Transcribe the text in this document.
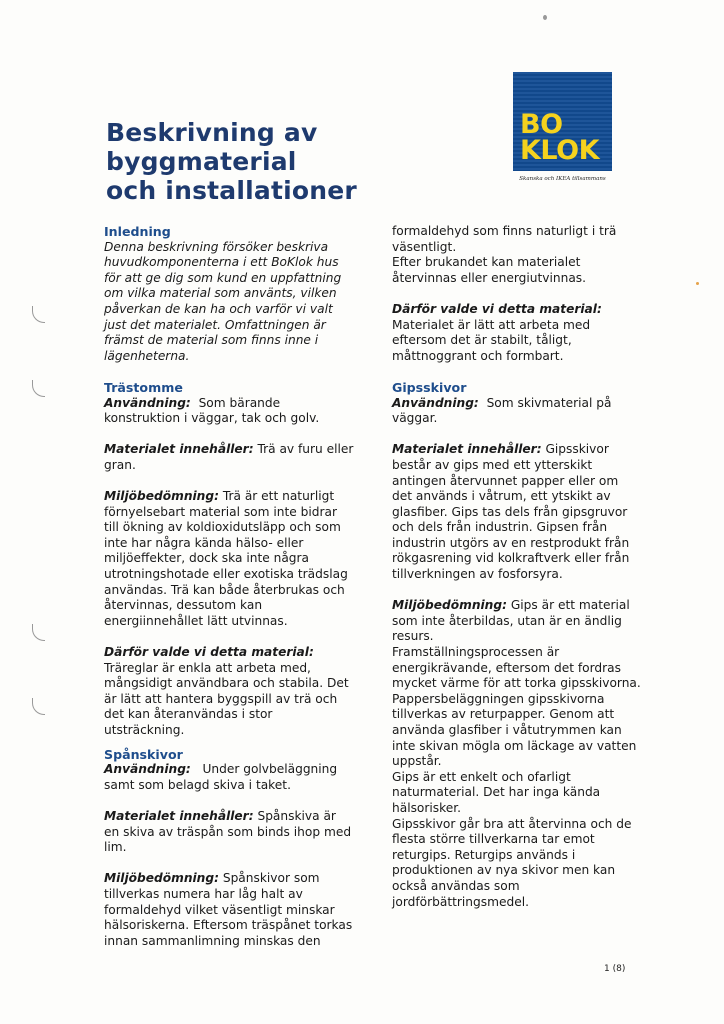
Beskrivning av byggmaterial
och installationer
BO
KLOK
Skanska och IKEA tillsammans

Inledning

Denna beskrivning försöker beskriva huvudkomponenterna i ett BoKlok hus för att ge dig som kund en uppfattning om vilka material som använts, vilken påverkan de kan ha och varför vi valt just det materialet. Omfattningen är främst de material som finns inne i lägenheterna.

Trästomme

Användning: Som bärande konstruktion i väggar, tak och golv.

Materialet innehåller: Trä av furu eller gran.

Miljöbedömning: Trä är ett naturligt förnyelsebart material som inte bidrar till ökning av koldioxidutsläpp och som inte har några kända hälso- eller miljöeffekter, dock ska inte några utrotningshotade eller exotiska trädslag användas. Trä kan både återbrukas och återvinnas, dessutom kan energiinnehållet lätt utvinnas.

Därför valde vi detta material:

Träreglar är enkla att arbeta med, mångsidigt användbara och stabila. Det är lätt att hantera byggspill av trä och det kan återanvändas i stor utsträckning.

Spånskivor

Användning: Under golvbeläggning samt som belagd skiva i taket.

Materialet innehåller: Spånskiva är en skiva av träspån som binds ihop med lim.

Miljöbedömning: Spånskivor som tillverkas numera har låg halt av formaldehyd vilket väsentligt minskar hälsoriskerna. Eftersom träspånet torkas innan sammanlimning minskas den

formaldehyd som finns naturligt i trä väsentligt.

Efter brukandet kan materialet återvinnas eller energiutvinnas.

Därför valde vi detta material:

Materialet är lätt att arbeta med eftersom det är stabilt, tåligt, måttnoggrant och formbart.

Gipsskivor

Användning: Som skivmaterial på väggar.

Materialet innehåller: Gipsskivor består av gips med ett ytterskikt antingen återvunnet papper eller om det används i våtrum, ett ytskikt av glasfiber. Gips tas dels från gipsgruvor och dels från industrin. Gipsen från industrin utgörs av en restprodukt från rökgasrening vid kolkraftverk eller från tillverkningen av fosforsyra.

Miljöbedömning: Gips är ett material som inte återbildas, utan är en ändlig resurs.

Framställningsprocessen är energikrävande, eftersom det fordras mycket värme för att torka gipsskivorna. Pappersbeläggningen gipsskivorna tillverkas av returpapper. Genom att använda glasfiber i våtutrymmen kan inte skivan mögla om läckage av vatten uppstår.

Gips är ett enkelt och ofarligt naturmaterial. Det har inga kända hälsorisker.

Gipsskivor går bra att återvinna och de flesta större tillverkarna tar emot returgips. Returgips används i produktionen av nya skivor men kan också användas som jordförbättringsmedel.

1 (8)
